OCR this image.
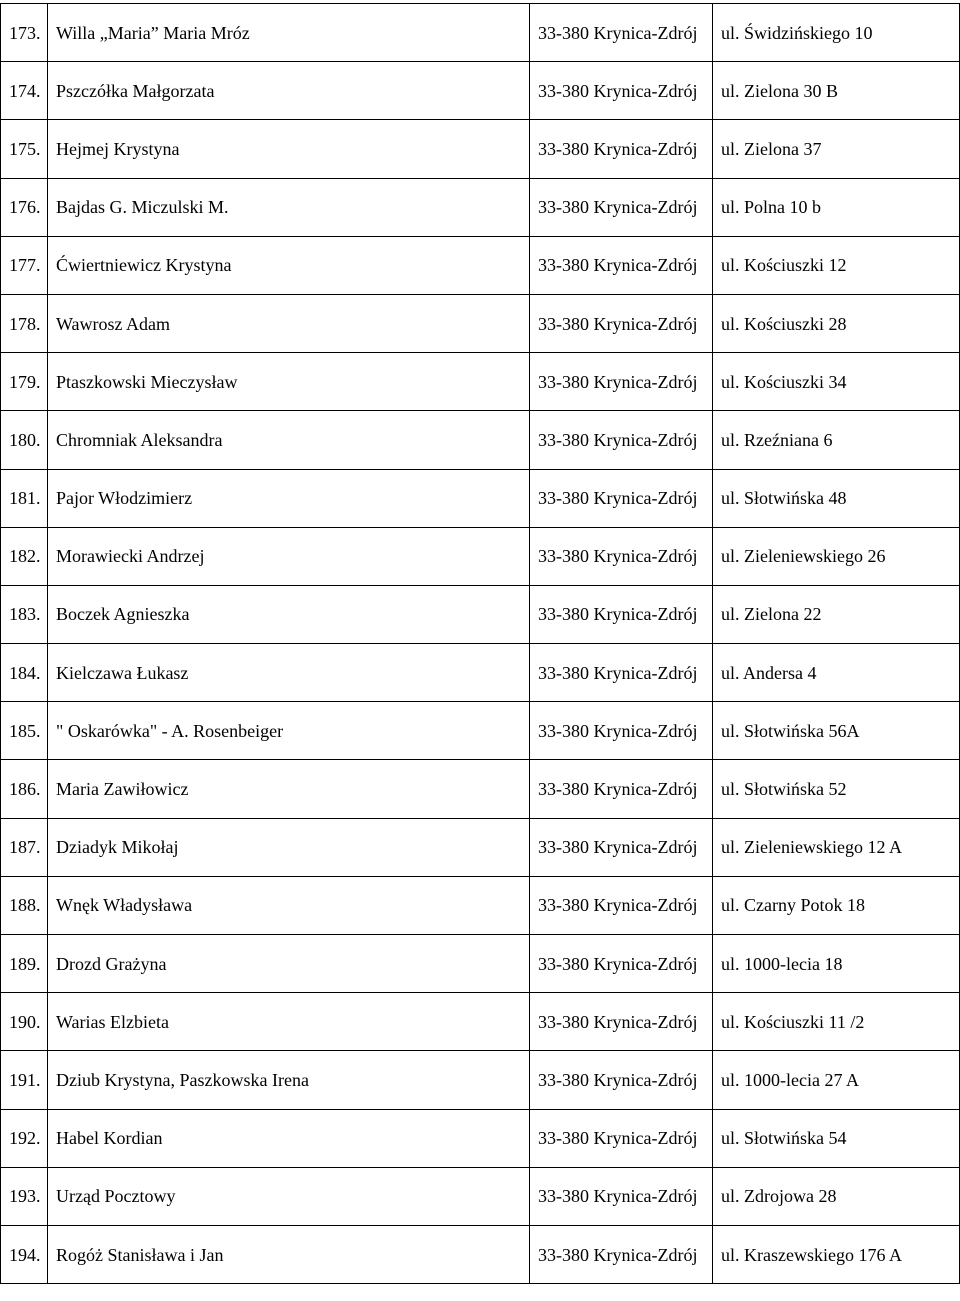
173.	Willa „Maria” Maria Mróz	33-380 Krynica-Zdrój	ul. Świdzińskiego 10
174.	Pszczółka Małgorzata	33-380 Krynica-Zdrój	ul. Zielona 30 B
175.	Hejmej Krystyna	33-380 Krynica-Zdrój	ul. Zielona 37
176.	Bajdas G. Miczulski M.	33-380 Krynica-Zdrój	ul. Polna 10 b
177.	Ćwiertniewicz Krystyna	33-380 Krynica-Zdrój	ul. Kościuszki 12
178.	Wawrosz Adam	33-380 Krynica-Zdrój	ul. Kościuszki 28
179.	Ptaszkowski Mieczysław	33-380 Krynica-Zdrój	ul. Kościuszki 34
180.	Chromniak Aleksandra	33-380 Krynica-Zdrój	ul. Rzeźniana 6
181.	Pajor Włodzimierz	33-380 Krynica-Zdrój	ul. Słotwińska 48
182.	Morawiecki Andrzej	33-380 Krynica-Zdrój	ul. Zieleniewskiego 26
183.	Boczek Agnieszka	33-380 Krynica-Zdrój	ul. Zielona 22
184.	Kielczawa Łukasz	33-380 Krynica-Zdrój	ul. Andersa 4
185.	" Oskarówka" - A. Rosenbeiger	33-380 Krynica-Zdrój	ul. Słotwińska 56A
186.	Maria Zawiłowicz	33-380 Krynica-Zdrój	ul. Słotwińska 52
187.	Dziadyk Mikołaj	33-380 Krynica-Zdrój	ul. Zieleniewskiego 12 A
188.	Wnęk Władysława	33-380 Krynica-Zdrój	ul. Czarny Potok 18
189.	Drozd Grażyna	33-380 Krynica-Zdrój	ul. 1000-lecia 18
190.	Warias Elzbieta	33-380 Krynica-Zdrój	ul. Kościuszki 11 /2
191.	Dziub Krystyna, Paszkowska Irena	33-380 Krynica-Zdrój	ul. 1000-lecia 27 A
192.	Habel Kordian	33-380 Krynica-Zdrój	ul. Słotwińska 54
193.	Urząd Pocztowy	33-380 Krynica-Zdrój	ul. Zdrojowa 28
194.	Rogóż Stanisława i Jan	33-380 Krynica-Zdrój	ul. Kraszewskiego 176 A
